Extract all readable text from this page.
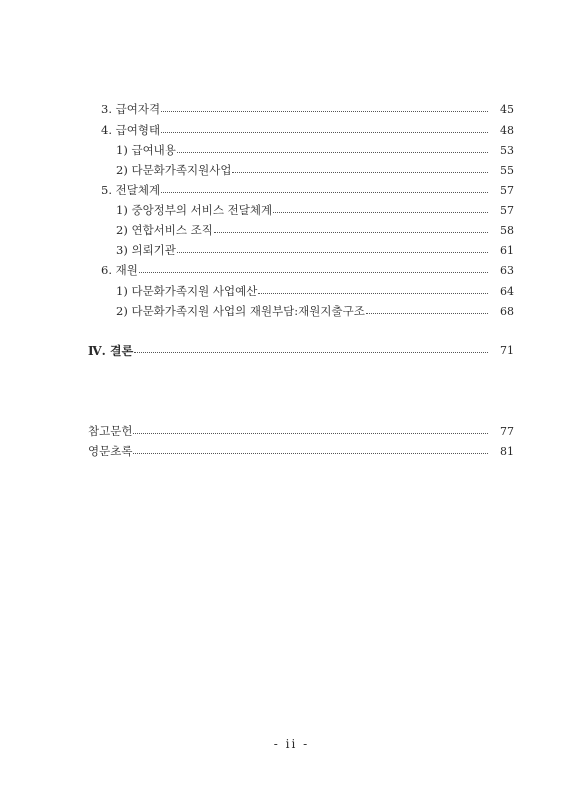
3. 급여자격	45
4. 급여형태	48
1) 급여내용	53
2) 다문화가족지원사업	55
5. 전달체계	57
1) 중앙정부의 서비스 전달체계	57
2) 연합서비스 조직	58
3) 의뢰기관	61
6. 재원	63
1) 다문화가족지원 사업예산	64
2) 다문화가족지원 사업의 재원부담:재원지출구조	68
Ⅳ. 결론	71
참고문헌	77
영문초록	81
- ii -
